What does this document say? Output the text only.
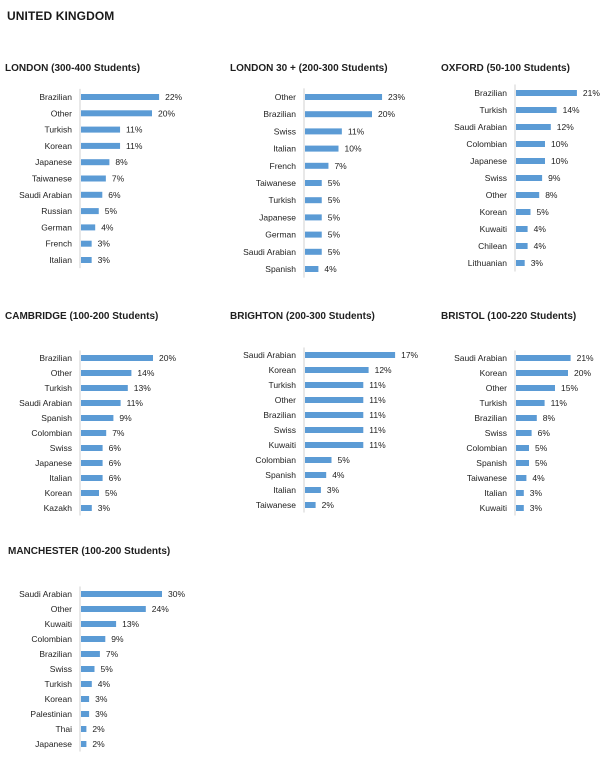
UNITED KINGDOM
LONDON (300-400 Students)
Brazilian	22%
Other	20%
Turkish	11%
Korean	11%
Japanese	8%
Taiwanese	7%
Saudi Arabian	6%
Russian	5%
German	4%
French	3%
Italian	3%
LONDON 30 + (200-300 Students)
Other	23%
Brazilian	20%
Swiss	11%
Italian	10%
French	7%
Taiwanese	5%
Turkish	5%
Japanese	5%
German	5%
Saudi Arabian	5%
Spanish	4%
OXFORD (50-100 Students)
Brazilian	21%
Turkish	14%
Saudi Arabian	12%
Colombian	10%
Japanese	10%
Swiss	9%
Other	8%
Korean	5%
Kuwaiti	4%
Chilean	4%
Lithuanian	3%
CAMBRIDGE (100-200 Students)
Brazilian	20%
Other	14%
Turkish	13%
Saudi Arabian	11%
Spanish	9%
Colombian	7%
Swiss	6%
Japanese	6%
Italian	6%
Korean	5%
Kazakh	3%
BRIGHTON (200-300 Students)
Saudi Arabian	17%
Korean	12%
Turkish	11%
Other	11%
Brazilian	11%
Swiss	11%
Kuwaiti	11%
Colombian	5%
Spanish	4%
Italian	3%
Taiwanese	2%
BRISTOL (100-220 Students)
Saudi Arabian	21%
Korean	20%
Other	15%
Turkish	11%
Brazilian	8%
Swiss	6%
Colombian	5%
Spanish	5%
Taiwanese	4%
Italian	3%
Kuwaiti	3%
MANCHESTER (100-200 Students)
Saudi Arabian	30%
Other	24%
Kuwaiti	13%
Colombian	9%
Brazilian	7%
Swiss	5%
Turkish	4%
Korean	3%
Palestinian	3%
Thai 2%
Japanese 2%
